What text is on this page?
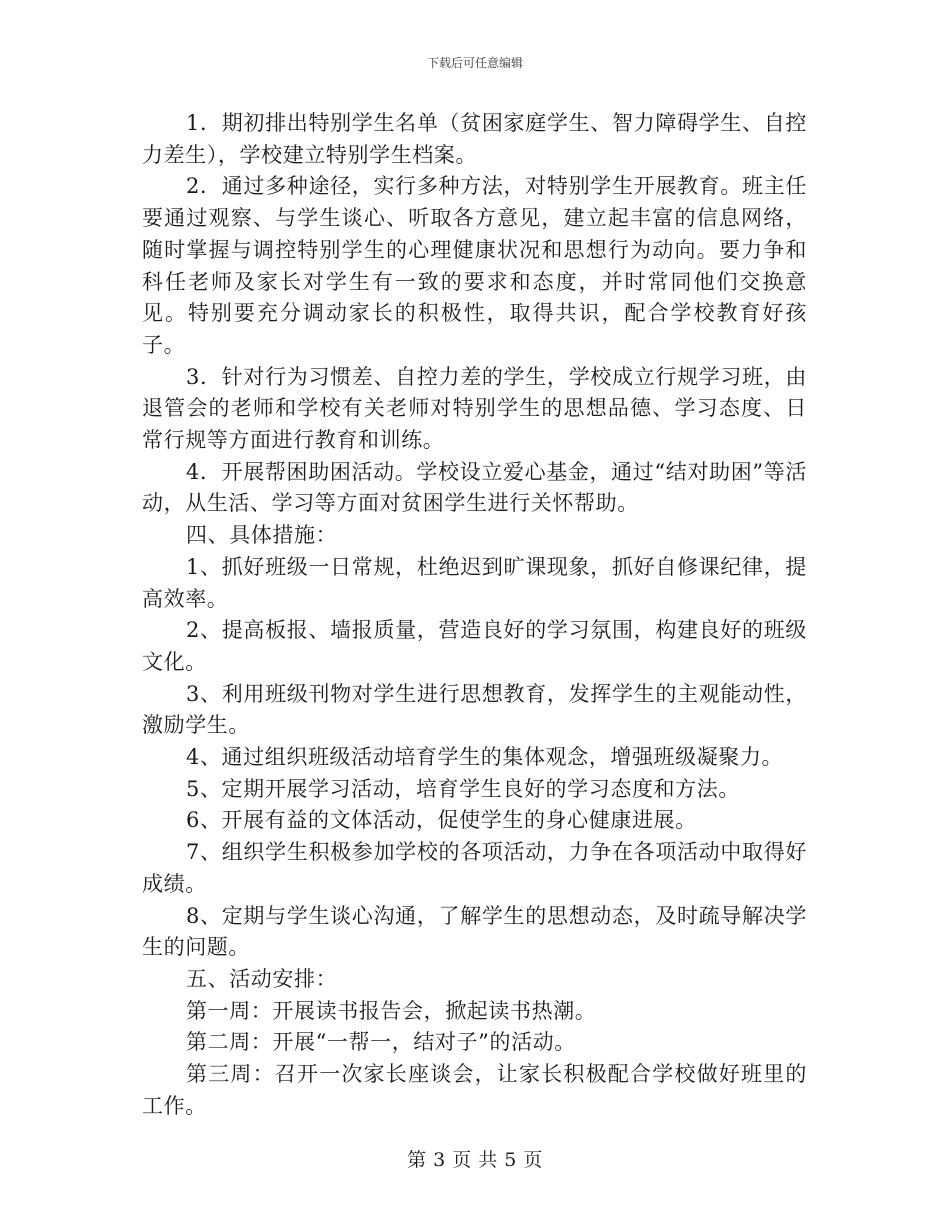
下载后可任意编辑

1．期初排出特别学生名单（贫困家庭学生、智力障碍学生、自控力差生），学校建立特别学生档案。

2．通过多种途径，实行多种方法，对特别学生开展教育。班主任要通过观察、与学生谈心、听取各方意见，建立起丰富的信息网络，随时掌握与调控特别学生的心理健康状况和思想行为动向。要力争和科任老师及家长对学生有一致的要求和态度，并时常同他们交换意见。特别要充分调动家长的积极性，取得共识，配合学校教育好孩子。

3．针对行为习惯差、自控力差的学生，学校成立行规学习班，由退管会的老师和学校有关老师对特别学生的思想品德、学习态度、日常行规等方面进行教育和训练。

4．开展帮困助困活动。学校设立爱心基金，通过“结对助困”等活动，从生活、学习等方面对贫困学生进行关怀帮助。

四、具体措施：

1、抓好班级一日常规，杜绝迟到旷课现象，抓好自修课纪律，提高效率。

2、提高板报、墙报质量，营造良好的学习氛围，构建良好的班级文化。

3、利用班级刊物对学生进行思想教育，发挥学生的主观能动性，激励学生。

4、通过组织班级活动培育学生的集体观念，增强班级凝聚力。

5、定期开展学习活动，培育学生良好的学习态度和方法。

6、开展有益的文体活动，促使学生的身心健康进展。

7、组织学生积极参加学校的各项活动，力争在各项活动中取得好成绩。

8、定期与学生谈心沟通，了解学生的思想动态，及时疏导解决学生的问题。

五、活动安排：

第一周：开展读书报告会，掀起读书热潮。

第二周：开展“一帮一，结对子”的活动。

第三周：召开一次家长座谈会，让家长积极配合学校做好班里的工作。

第 3 页 共 5 页
